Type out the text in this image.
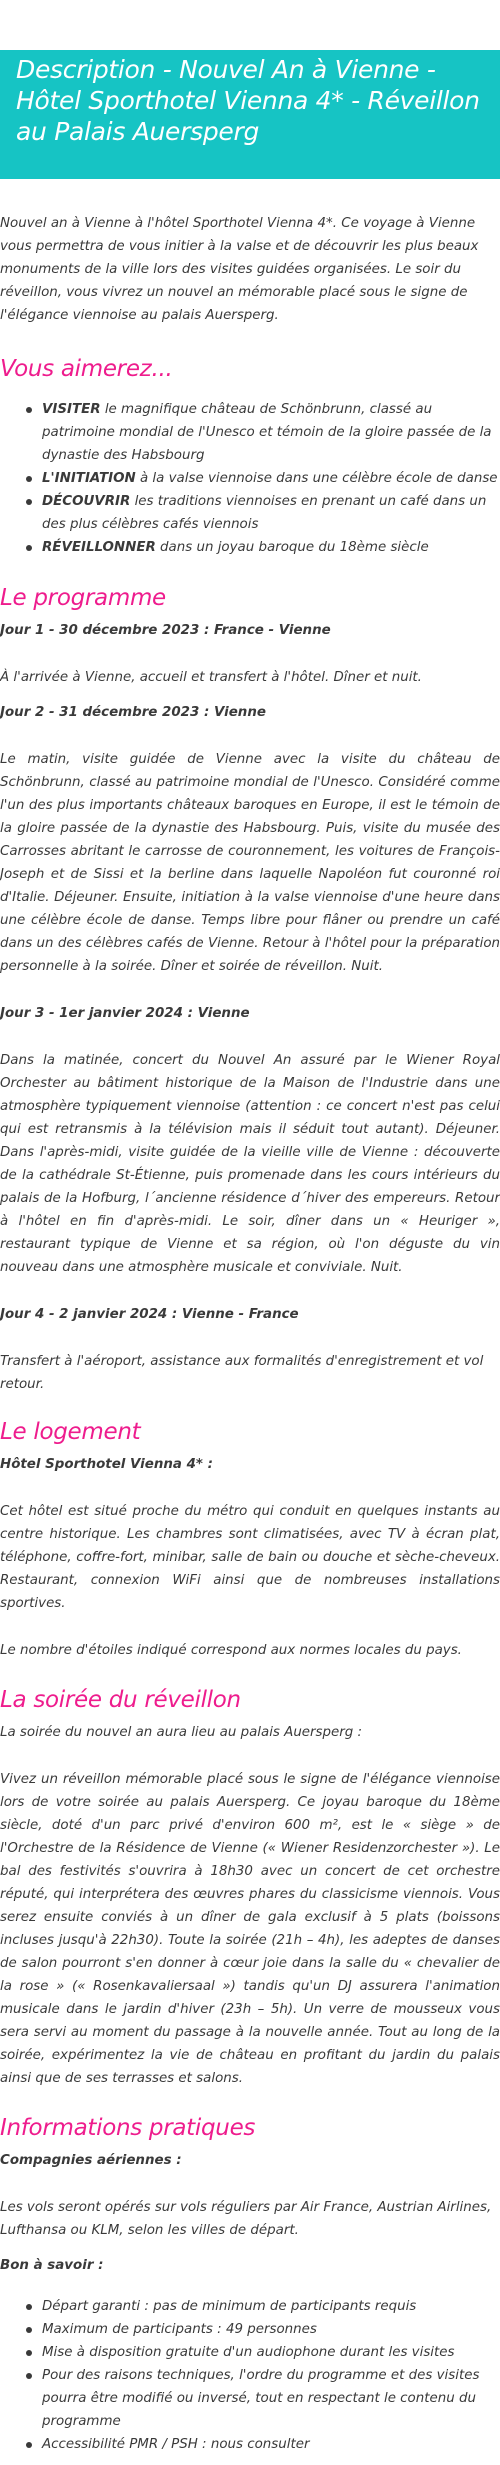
Description - Nouvel An à Vienne - Hôtel Sporthotel Vienna 4* - Réveillon au Palais Auersperg

Nouvel an à Vienne à l'hôtel Sporthotel Vienna 4*. Ce voyage à Vienne vous permettra de vous initier à la valse et de découvrir les plus beaux monuments de la ville lors des visites guidées organisées. Le soir du réveillon, vous vivrez un nouvel an mémorable placé sous le signe de l'élégance viennoise au palais Auersperg.

Vous aimerez...
VISITER le magnifique château de Schönbrunn, classé au patrimoine mondial de l'Unesco et témoin de la gloire passée de la dynastie des Habsbourg
L'INITIATION à la valse viennoise dans une célèbre école de danse
DÉCOUVRIR les traditions viennoises en prenant un café dans un des plus célèbres cafés viennois
RÉVEILLONNER dans un joyau baroque du 18ème siècle
Le programme

Jour 1 - 30 décembre 2023 : France - Vienne

À l'arrivée à Vienne, accueil et transfert à l'hôtel. Dîner et nuit.

Jour 2 - 31 décembre 2023 : Vienne

Le matin, visite guidée de Vienne avec la visite du château de Schönbrunn, classé au patrimoine mondial de l'Unesco. Considéré comme l'un des plus importants châteaux baroques en Europe, il est le témoin de la gloire passée de la dynastie des Habsbourg. Puis, visite du musée des Carrosses abritant le carrosse de couronnement, les voitures de François-Joseph et de Sissi et la berline dans laquelle Napoléon fut couronné roi d'Italie. Déjeuner. Ensuite, initiation à la valse viennoise d'une heure dans une célèbre école de danse. Temps libre pour flâner ou prendre un café dans un des célèbres cafés de Vienne. Retour à l'hôtel pour la préparation personnelle à la soirée. Dîner et soirée de réveillon. Nuit.

Jour 3 - 1er janvier 2024 : Vienne

Dans la matinée, concert du Nouvel An assuré par le Wiener Royal Orchester au bâtiment historique de la Maison de l'Industrie dans une atmosphère typiquement viennoise (attention : ce concert n'est pas celui qui est retransmis à la télévision mais il séduit tout autant). Déjeuner. Dans l'après-midi, visite guidée de la vieille ville de Vienne : découverte de la cathédrale St-Étienne, puis promenade dans les cours intérieurs du palais de la Hofburg, l´ancienne résidence d´hiver des empereurs. Retour à l'hôtel en fin d'après-midi. Le soir, dîner dans un « Heuriger », restaurant typique de Vienne et sa région, où l'on déguste du vin nouveau dans une atmosphère musicale et conviviale. Nuit.

Jour 4 - 2 janvier 2024 : Vienne - France

Transfert à l'aéroport, assistance aux formalités d'enregistrement et vol retour.

Le logement

Hôtel Sporthotel Vienna 4* :

Cet hôtel est situé proche du métro qui conduit en quelques instants au centre historique. Les chambres sont climatisées, avec TV à écran plat, téléphone, coffre-fort, minibar, salle de bain ou douche et sèche-cheveux. Restaurant, connexion WiFi ainsi que de nombreuses installations sportives.

Le nombre d'étoiles indiqué correspond aux normes locales du pays.

La soirée du réveillon

La soirée du nouvel an aura lieu au palais Auersperg :

Vivez un réveillon mémorable placé sous le signe de l'élégance viennoise lors de votre soirée au palais Auersperg. Ce joyau baroque du 18ème siècle, doté d'un parc privé d'environ 600 m², est le « siège » de l'Orchestre de la Résidence de Vienne (« Wiener Residenzorchester »). Le bal des festivités s'ouvrira à 18h30 avec un concert de cet orchestre réputé, qui interprétera des œuvres phares du classicisme viennois. Vous serez ensuite conviés à un dîner de gala exclusif à 5 plats (boissons incluses jusqu'à 22h30). Toute la soirée (21h – 4h), les adeptes de danses de salon pourront s'en donner à cœur joie dans la salle du « chevalier de la rose » (« Rosenkavaliersaal ») tandis qu'un DJ assurera l'animation musicale dans le jardin d'hiver (23h – 5h). Un verre de mousseux vous sera servi au moment du passage à la nouvelle année. Tout au long de la soirée, expérimentez la vie de château en profitant du jardin du palais ainsi que de ses terrasses et salons.

Informations pratiques

Compagnies aériennes :

Les vols seront opérés sur vols réguliers par Air France, Austrian Airlines, Lufthansa ou KLM, selon les villes de départ.

Bon à savoir :

Départ garanti : pas de minimum de participants requis
Maximum de participants : 49 personnes
Mise à disposition gratuite d'un audiophone durant les visites
Pour des raisons techniques, l'ordre du programme et des visites pourra être modifié ou inversé, tout en respectant le contenu du programme
Accessibilité PMR / PSH : nous consulter
